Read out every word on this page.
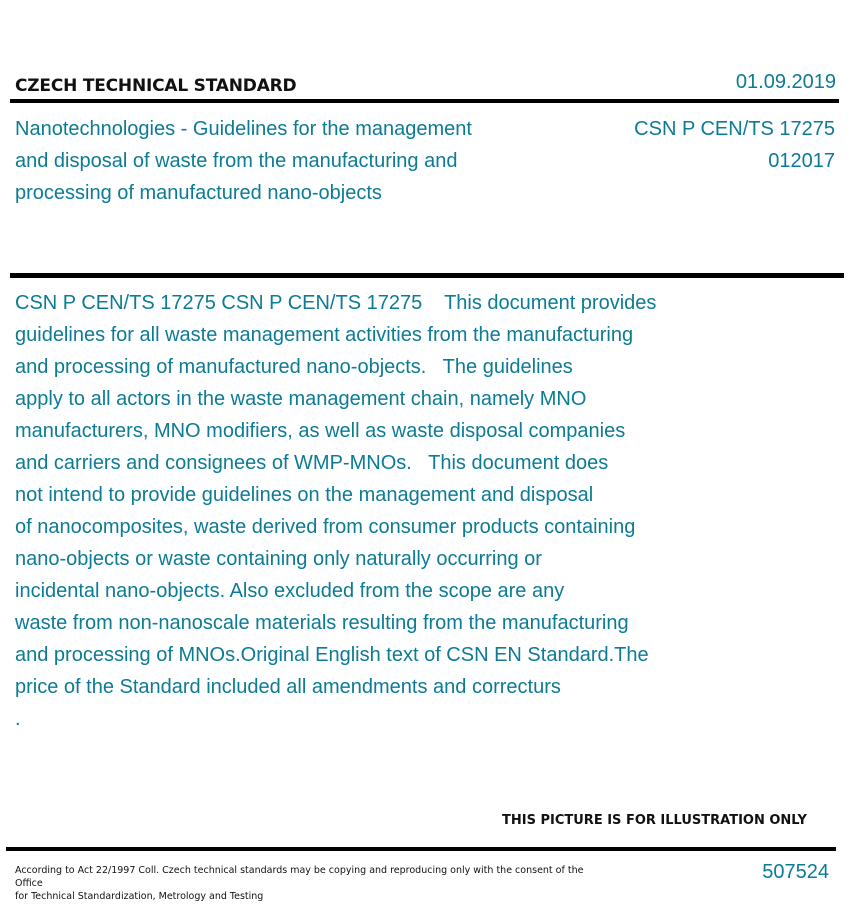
CZECH TECHNICAL STANDARD	01.09.2019
Nanotechnologies - Guidelines for the management
and disposal of waste from the manufacturing and
processing of manufactured nano-objects
CSN P CEN/TS 17275
012017
CSN P CEN/TS 17275 CSN P CEN/TS 17275    This document provides
guidelines for all waste management activities from the manufacturing
and processing of manufactured nano-objects.   The guidelines
apply to all actors in the waste management chain, namely MNO
manufacturers, MNO modifiers, as well as waste disposal companies
and carriers and consignees of WMP-MNOs.   This document does
not intend to provide guidelines on the management and disposal
of nanocomposites, waste derived from consumer products containing
nano-objects or waste containing only naturally occurring or
incidental nano-objects. Also excluded from the scope are any
waste from non-nanoscale materials resulting from the manufacturing
and processing of MNOs.Original English text of CSN EN Standard.The
price of the Standard included all amendments and correcturs
.
THIS PICTURE IS FOR ILLUSTRATION ONLY
According to Act 22/1997 Coll. Czech technical standards may be copying and reproducing only with the consent of the Office
for Technical Standardization, Metrology and Testing
507524
